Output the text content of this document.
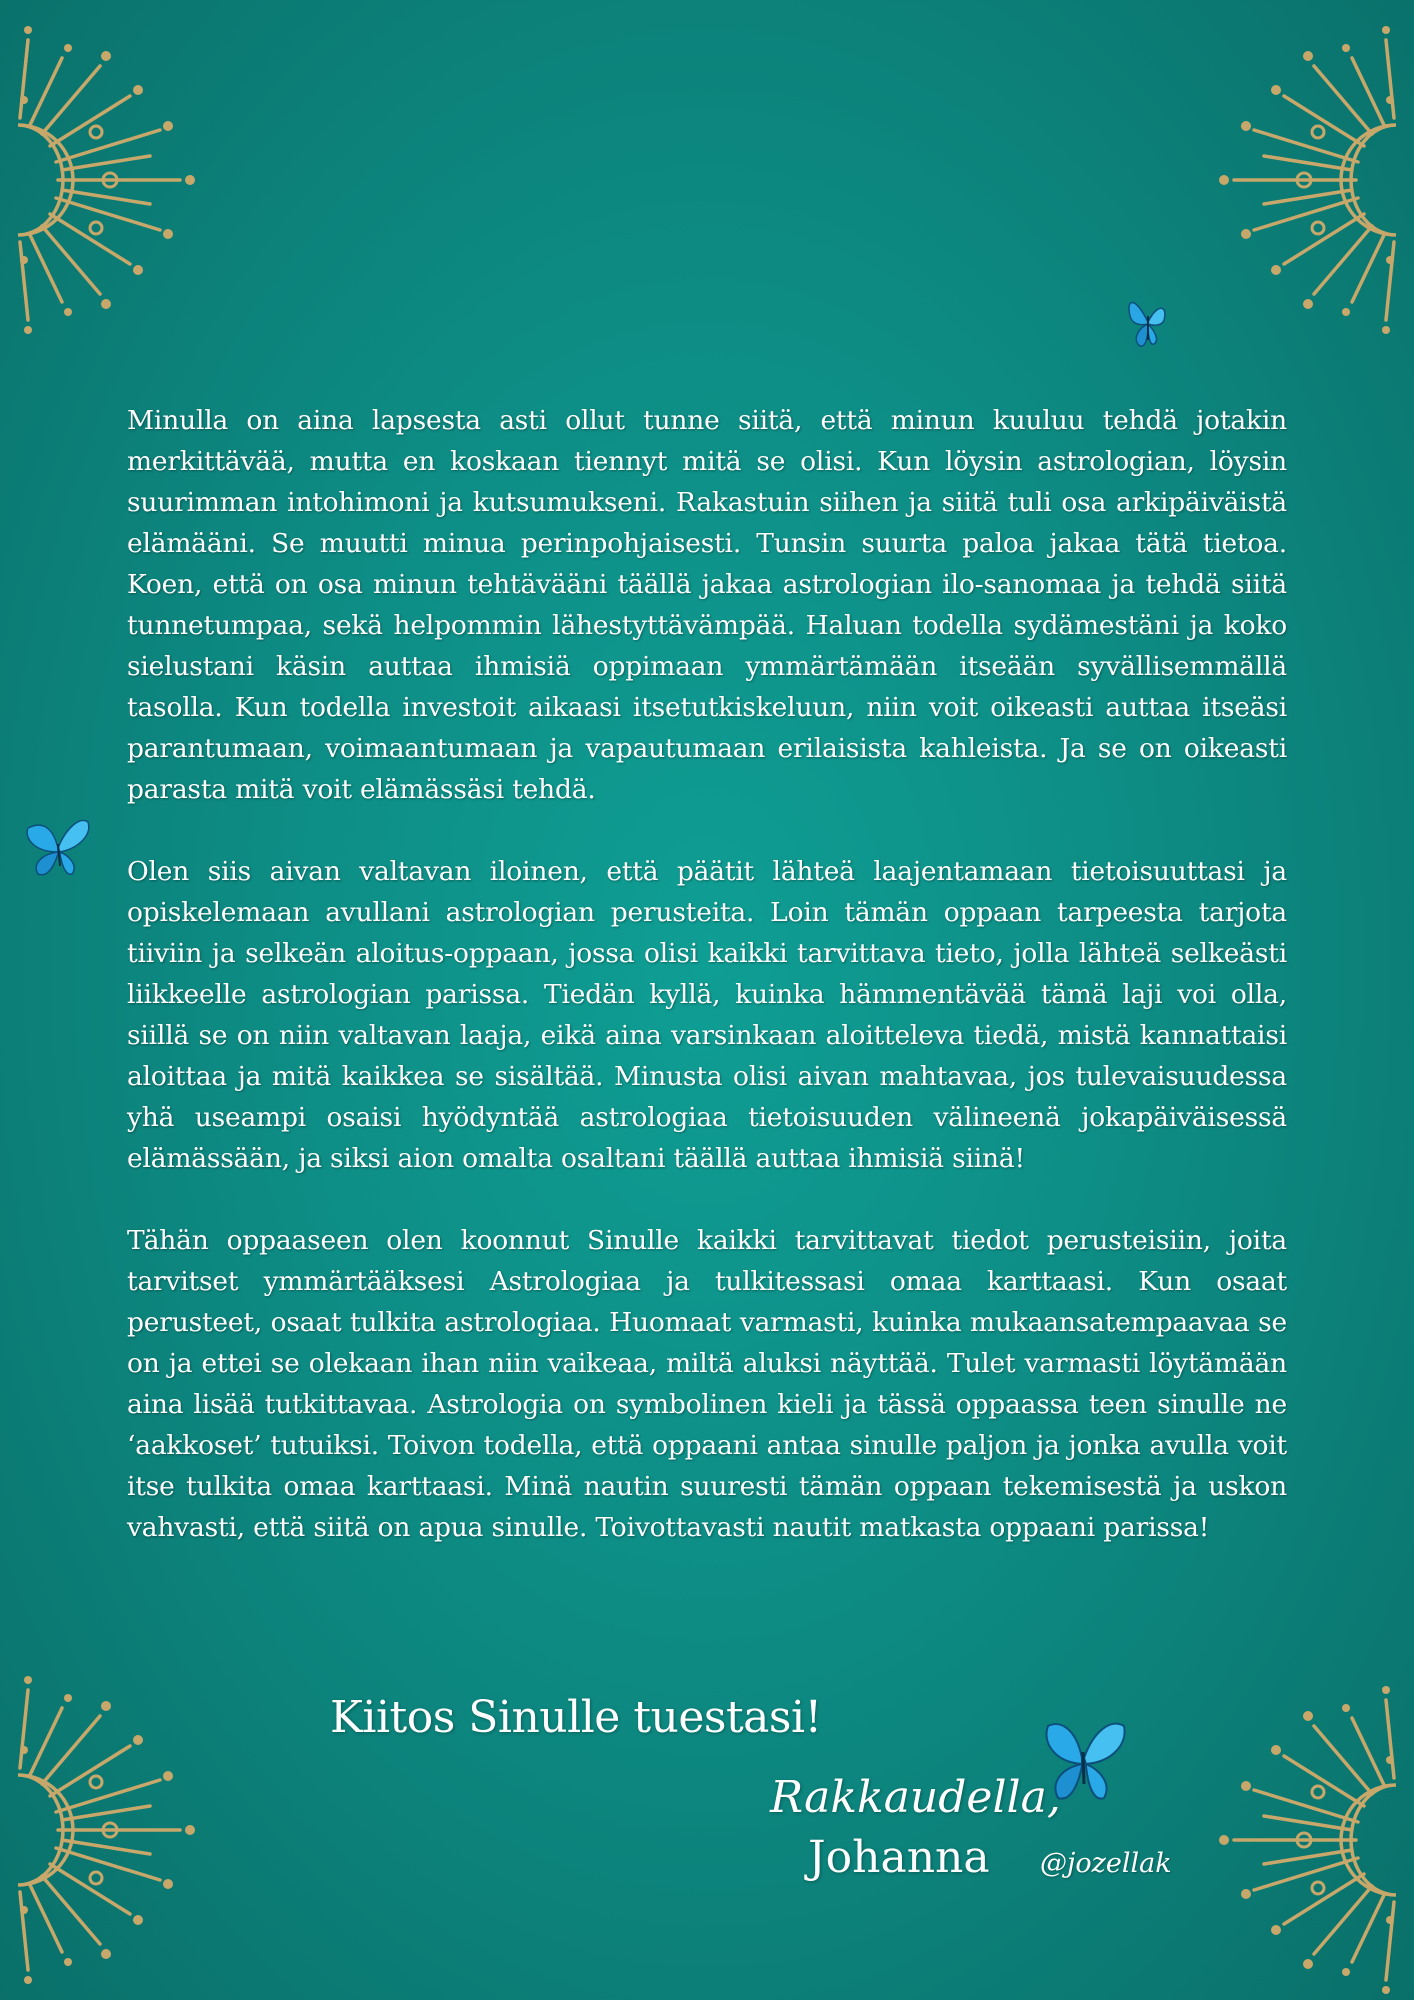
Minulla on aina lapsesta asti ollut tunne siitä, että minun kuuluu tehdä jotakin merkittävää, mutta en koskaan tiennyt mitä se olisi. Kun löysin astrologian, löysin suurimman intohimoni ja kutsumukseni. Rakastuin siihen ja siitä tuli osa arkipäiväistä elämääni. Se muutti minua perinpohjaisesti. Tunsin suurta paloa jakaa tätä tietoa. Koen, että on osa minun tehtävääni täällä jakaa astrologian ilo-sanomaa ja tehdä siitä tunnetumpaa, sekä helpommin lähestyttävämpää. Haluan todella sydämestäni ja koko sielustani käsin auttaa ihmisiä oppimaan ymmärtämään itseään syvällisemmällä tasolla. Kun todella investoit aikaasi itsetutkiskeluun, niin voit oikeasti auttaa itseäsi parantumaan, voimaantumaan ja vapautumaan erilaisista kahleista. Ja se on oikeasti parasta mitä voit elämässäsi tehdä.

Olen siis aivan valtavan iloinen, että päätit lähteä laajentamaan tietoisuuttasi ja opiskelemaan avullani astrologian perusteita. Loin tämän oppaan tarpeesta tarjota tiiviin ja selkeän aloitus-oppaan, jossa olisi kaikki tarvittava tieto, jolla lähteä selkeästi liikkeelle astrologian parissa. Tiedän kyllä, kuinka hämmentävää tämä laji voi olla, siillä se on niin valtavan laaja, eikä aina varsinkaan aloitteleva tiedä, mistä kannattaisi aloittaa ja mitä kaikkea se sisältää. Minusta olisi aivan mahtavaa, jos tulevaisuudessa yhä useampi osaisi hyödyntää astrologiaa tietoisuuden välineenä jokapäiväisessä elämässään, ja siksi aion omalta osaltani täällä auttaa ihmisiä siinä!

Tähän oppaaseen olen koonnut Sinulle kaikki tarvittavat tiedot perusteisiin, joita tarvitset ymmärtääksesi Astrologiaa ja tulkitessasi omaa karttaasi. Kun osaat perusteet, osaat tulkita astrologiaa. Huomaat varmasti, kuinka mukaansatempaavaa se on ja ettei se olekaan ihan niin vaikeaa, miltä aluksi näyttää. Tulet varmasti löytämään aina lisää tutkittavaa. Astrologia on symbolinen kieli ja tässä oppaassa teen sinulle ne ‘aakkoset’ tutuiksi. Toivon todella, että oppaani antaa sinulle paljon ja jonka avulla voit itse tulkita omaa karttaasi. Minä nautin suuresti tämän oppaan tekemisestä ja uskon vahvasti, että siitä on apua sinulle. Toivottavasti nautit matkasta oppaani parissa!

Kiitos Sinulle tuestasi!
Rakkaudella,
Johanna @jozellak
